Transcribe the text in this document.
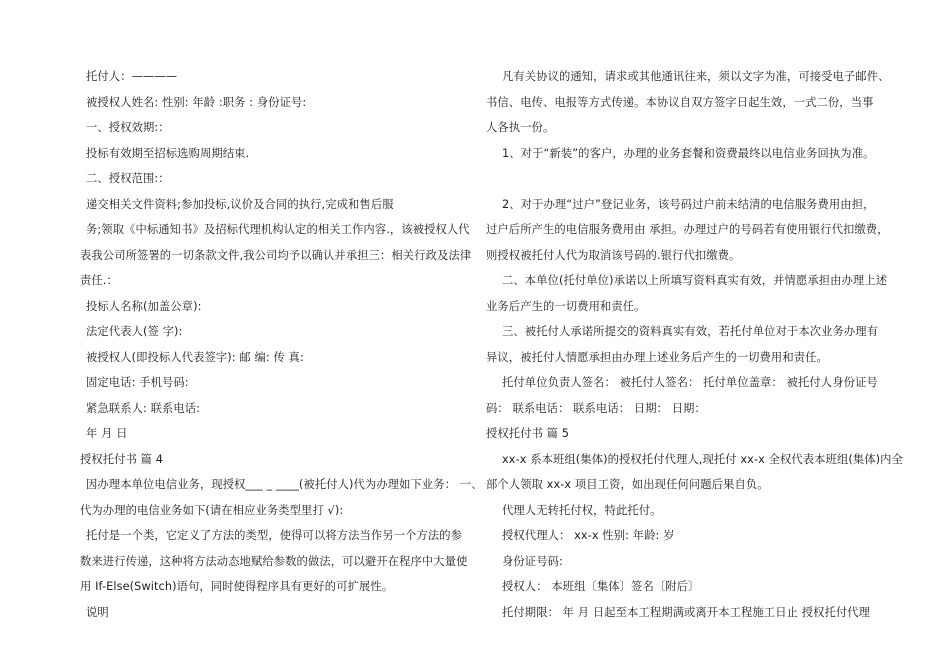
托付人：————

被授权人姓名: 性别: 年龄 :职务 : 身份证号:

一、授权效期:：

投标有效期至招标选购周期结束.

二、授权范围:：

递交相关文件资料;参加投标,议价及合同的执行,完成和售后服

务;领取《中标通知书》及招标代理机构认定的相关工作内容.，该被授权人代

表我公司所签署的一切条款文件,我公司均予以确认并承担三：相关行政及法律

责任.：

投标人名称(加盖公章):

法定代表人(签 字):

被授权人(即投标人代表签字): 邮 编: 传 真:

固定电话: 手机号码:

紧急联系人: 联系电话:

年 月 日

授权托付书 篇 4

因办理本单位电信业务，现授权___ _ ____(被托付人)代为办理如下业务： 一、

代为办理的电信业务如下(请在相应业务类型里打 √):

托付是一个类，它定义了方法的类型，使得可以将方法当作另一个方法的参

数来进行传递，这种将方法动态地赋给参数的做法，可以避开在程序中大量使

用 If-Else(Switch)语句，同时使得程序具有更好的可扩展性。

说明

凡有关协议的通知，请求或其他通讯往来，须以文字为准，可接受电子邮件、

书信、电传、电报等方式传递。本协议自双方签字日起生效，一式二份，当事

人各执一份。

1、对于“新装”的客户，办理的业务套餐和资费最终以电信业务回执为准。

2、对于办理“过户”登记业务，该号码过户前未结清的电信服务费用由担，

过户后所产生的电信服务费用由 承担。办理过户的号码若有使用银行代扣缴费，

则授权被托付人代为取消该号码的.银行代扣缴费。

二、本单位(托付单位)承诺以上所填写资料真实有效，并情愿承担由办理上述

业务后产生的一切费用和责任。

三、被托付人承诺所提交的资料真实有效，若托付单位对于本次业务办理有

异议，被托付人情愿承担由办理上述业务后产生的一切费用和责任。

托付单位负责人签名： 被托付人签名： 托付单位盖章： 被托付人身份证号

码： 联系电话： 联系电话： 日期： 日期：

授权托付书 篇 5

xx-x 系本班组(集体)的授权托付代理人,现托付 xx-x 全权代表本班组(集体)内全

部个人领取 xx-x 项目工资，如出现任何问题后果自负。

代理人无转托付权，特此托付。

授权代理人： xx-x 性别: 年龄: 岁

身份证号码:

授权人： 本班组〔集体〕签名〔附后〕

托付期限： 年 月 日起至本工程期满或离开本工程施工日止 授权托付代理
